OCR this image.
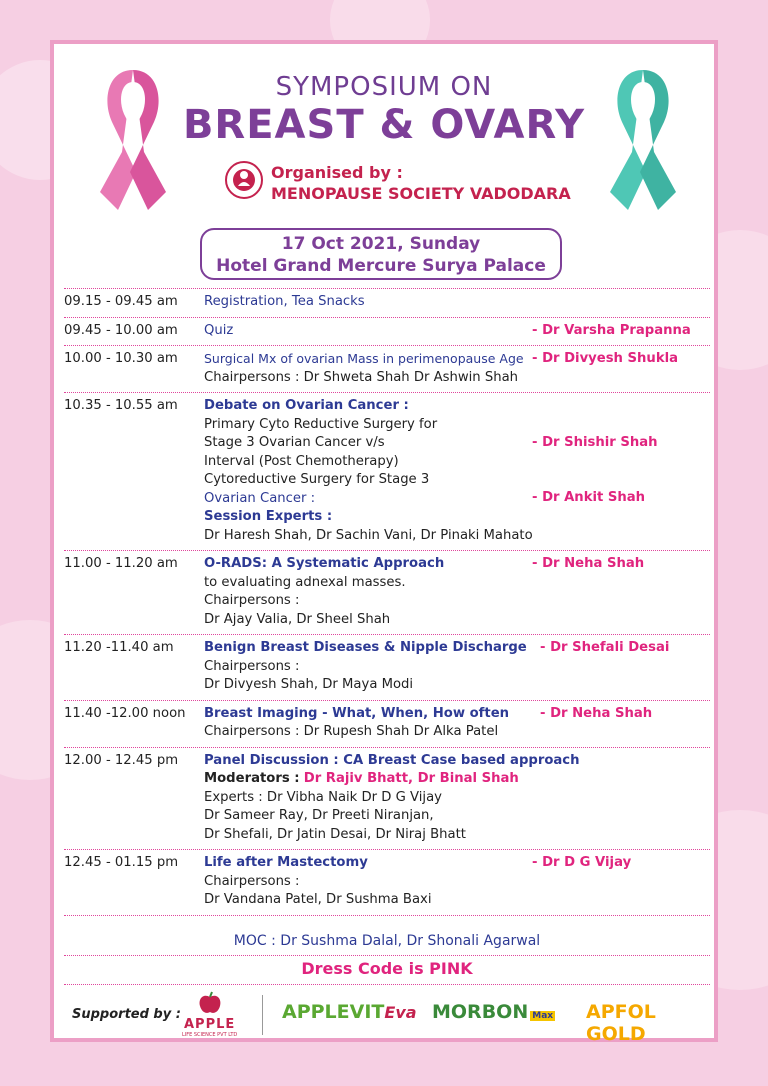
SYMPOSIUM ON
BREAST & OVARY
Organised by :
MENOPAUSE SOCIETY VADODARA
17 Oct 2021, Sunday
Hotel Grand Mercure Surya Palace
09.15 - 09.45 am	Registration, Tea Snacks
09.45 - 10.00 am	Quiz	- Dr Varsha Prapanna
10.00 - 10.30 am	Surgical Mx of ovarian Mass in perimenopause Age - Dr Divyesh Shukla
Chairpersons : Dr Shweta Shah Dr Ashwin Shah
10.35 - 10.55 am	Debate on Ovarian Cancer :
Primary Cyto Reductive Surgery for
Stage 3 Ovarian Cancer v/s	- Dr Shishir Shah
Interval (Post Chemotherapy)
Cytoreductive Surgery for Stage 3
Ovarian Cancer :	- Dr Ankit Shah
Session Experts :
Dr Haresh Shah, Dr Sachin Vani, Dr Pinaki Mahato
11.00 - 11.20 am	O-RADS: A Systematic Approach	- Dr Neha Shah
to evaluating adnexal masses.
Chairpersons :
Dr Ajay Valia, Dr Sheel Shah
11.20 -11.40 am	Benign Breast Diseases & Nipple Discharge	- Dr Shefali Desai
Chairpersons :
Dr Divyesh Shah, Dr Maya Modi
11.40 -12.00 noon	Breast Imaging - What, When, How often	- Dr Neha Shah
Chairpersons : Dr Rupesh Shah Dr Alka Patel
12.00 - 12.45 pm	Panel Discussion : CA Breast Case based approach
Moderators : Dr Rajiv Bhatt, Dr Binal Shah
Experts : Dr Vibha Naik Dr D G Vijay
Dr Sameer Ray, Dr Preeti Niranjan,
Dr Shefali, Dr Jatin Desai, Dr Niraj Bhatt
12.45 - 01.15 pm	Life after Mastectomy	- Dr D G Vijay
Chairpersons :
Dr Vandana Patel, Dr Sushma Baxi
MOC : Dr Sushma Dalal, Dr Shonali Agarwal
Dress Code is PINK
Supported by :
APPLE
LIFE SCIENCE PVT LTD
APPLEVITEva MORBON Max APFOL GOLD
